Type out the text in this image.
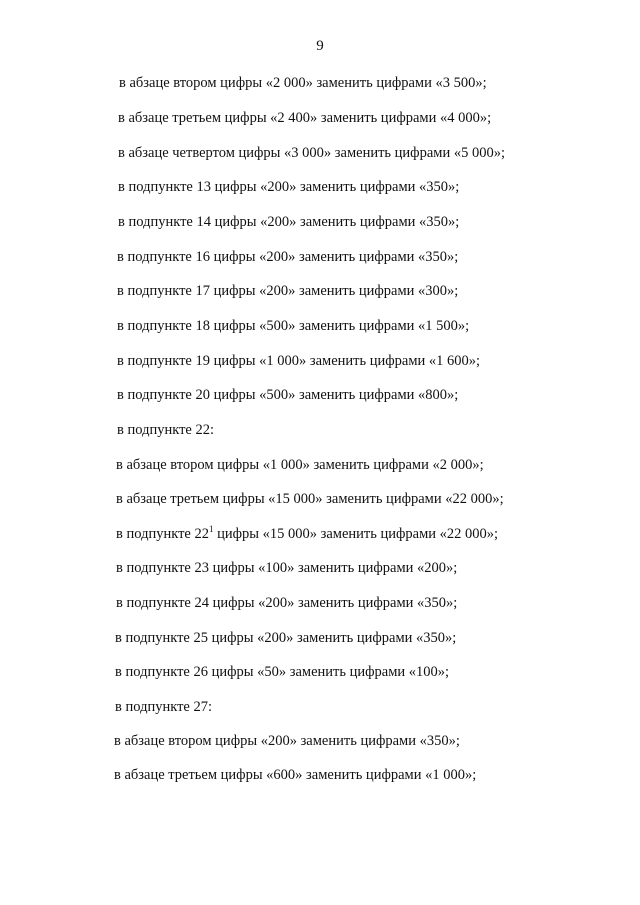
9
в абзаце втором цифры «2 000» заменить цифрами «3 500»;
в абзаце третьем цифры «2 400» заменить цифрами «4 000»;
в абзаце четвертом цифры «3 000» заменить цифрами «5 000»;
в подпункте 13 цифры «200» заменить цифрами «350»;
в подпункте 14 цифры «200» заменить цифрами «350»;
в подпункте 16 цифры «200» заменить цифрами «350»;
в подпункте 17 цифры «200» заменить цифрами «300»;
в подпункте 18 цифры «500» заменить цифрами «1 500»;
в подпункте 19 цифры «1 000» заменить цифрами «1 600»;
в подпункте 20 цифры «500» заменить цифрами «800»;
в подпункте 22:
в абзаце втором цифры «1 000» заменить цифрами «2 000»;
в абзаце третьем цифры «15 000» заменить цифрами «22 000»;
в подпункте $22^1$ цифры «15 000» заменить цифрами «22 000»;
в подпункте 23 цифры «100» заменить цифрами «200»;
в подпункте 24 цифры «200» заменить цифрами «350»;
в подпункте 25 цифры «200» заменить цифрами «350»;
в подпункте 26 цифры «50» заменить цифрами «100»;
в подпункте 27:
в абзаце втором цифры «200» заменить цифрами «350»;
в абзаце третьем цифры «600» заменить цифрами «1 000»;
